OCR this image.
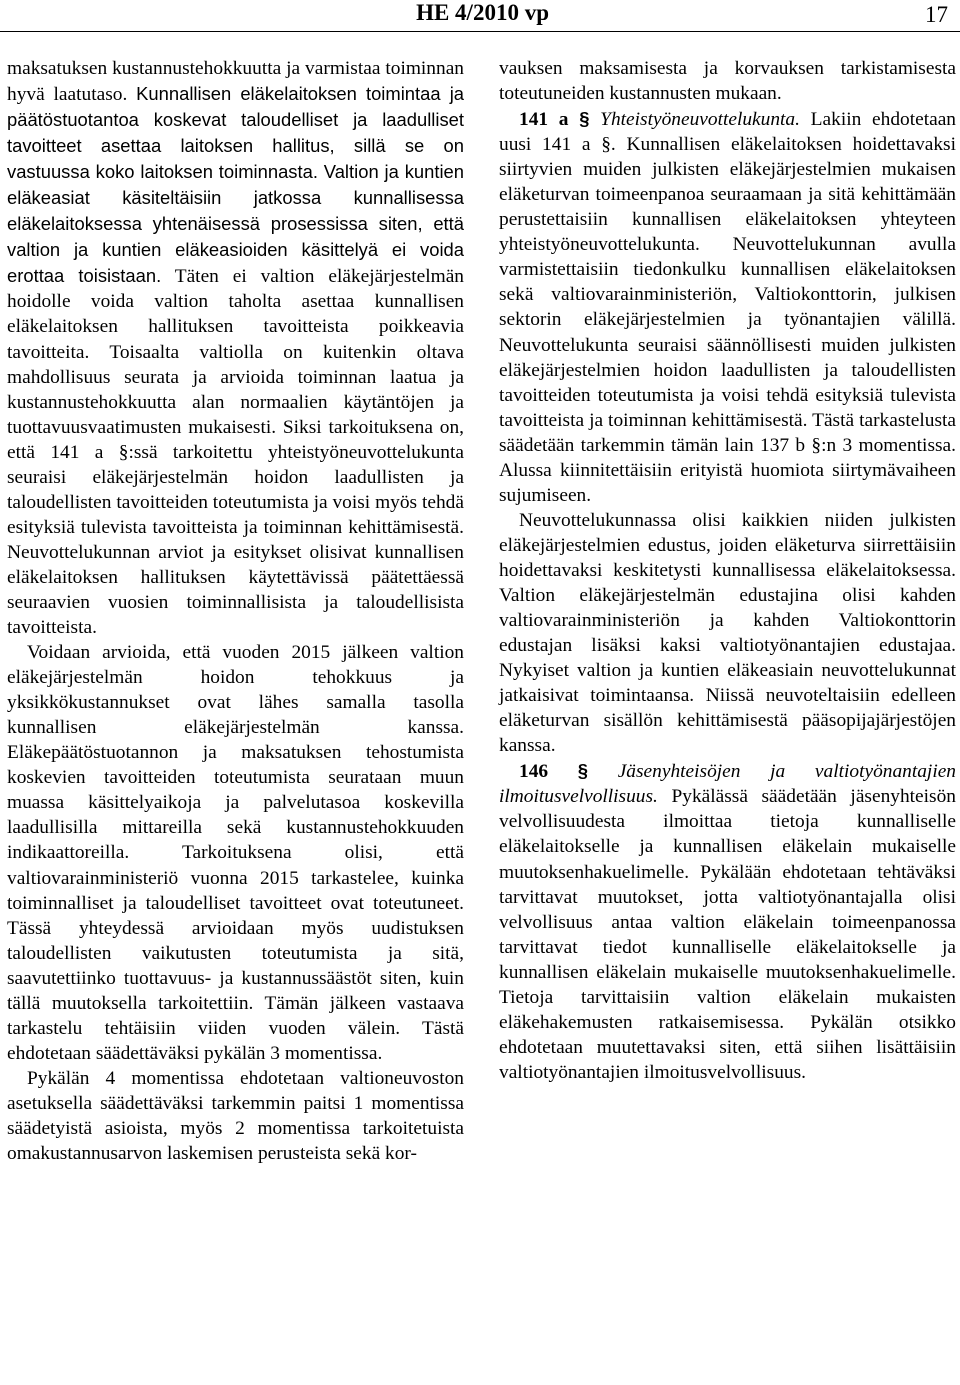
HE 4/2010 vp	17

maksatuksen kustannustehokkuutta ja varmistaa toiminnan hyvä laatutaso. Kunnallisen eläkelaitoksen toimintaa ja päätöstuotantoa koskevat taloudelliset ja laadulliset tavoitteet asettaa laitoksen hallitus, sillä se on vastuussa koko laitoksen toiminnasta. Valtion ja kuntien eläkeasiat käsiteltäisiin jatkossa kunnallisessa eläkelaitoksessa yhtenäisessä prosessissa siten, että valtion ja kuntien eläkeasioiden käsittelyä ei voida erottaa toisistaan. Täten ei valtion eläkejärjestelmän hoidolle voida valtion taholta asettaa kunnallisen eläkelaitoksen hallituksen tavoitteista poikkeavia tavoitteita. Toisaalta valtiolla on kuitenkin oltava mahdollisuus seurata ja arvioida toiminnan laatua ja kustannustehokkuutta alan normaalien käytäntöjen ja tuottavuusvaatimusten mukaisesti. Siksi tarkoituksena on, että 141 a §:ssä tarkoitettu yhteistyöneuvottelukunta seuraisi eläkejärjestelmän hoidon laadullisten ja taloudellisten tavoitteiden toteutumista ja voisi myös tehdä esityksiä tulevista tavoitteista ja toiminnan kehittämisestä. Neuvottelukunnan arviot ja esitykset olisivat kunnallisen eläkelaitoksen hallituksen käytettävissä päätettäessä seuraavien vuosien toiminnallisista ja taloudellisista tavoitteista.

Voidaan arvioida, että vuoden 2015 jälkeen valtion eläkejärjestelmän hoidon tehokkuus ja yksikkökustannukset ovat lähes samalla tasolla kunnallisen eläkejärjestelmän kanssa. Eläkepäätöstuotannon ja maksatuksen tehostumista koskevien tavoitteiden toteutumista seurataan muun muassa käsittelyaikoja ja palvelutasoa koskevilla laadullisilla mittareilla sekä kustannustehokkuuden indikaattoreilla. Tarkoituksena olisi, että valtiovarainministeriö vuonna 2015 tarkastelee, kuinka toiminnalliset ja taloudelliset tavoitteet ovat toteutuneet. Tässä yhteydessä arvioidaan myös uudistuksen taloudellisten vaikutusten toteutumista ja sitä, saavutettiinko tuottavuus- ja kustannussäästöt siten, kuin tällä muutoksella tarkoitettiin. Tämän jälkeen vastaava tarkastelu tehtäisiin viiden vuoden välein. Tästä ehdotetaan säädettäväksi pykälän 3 momentissa.

Pykälän 4 momentissa ehdotetaan valtioneuvoston asetuksella säädettäväksi tarkemmin paitsi 1 momentissa säädetyistä asioista, myös 2 momentissa tarkoitetuista omakustannusarvon laskemisen perusteista sekä kor-

vauksen maksamisesta ja korvauksen tarkistamisesta toteutuneiden kustannusten mukaan.

141 a § Yhteistyöneuvottelukunta. Lakiin ehdotetaan uusi 141 a §. Kunnallisen eläkelaitoksen hoidettavaksi siirtyvien muiden julkisten eläkejärjestelmien mukaisen eläketurvan toimeenpanoa seuraamaan ja sitä kehittämään perustettaisiin kunnallisen eläkelaitoksen yhteyteen yhteistyöneuvottelukunta. Neuvottelukunnan avulla varmistettaisiin tiedonkulku kunnallisen eläkelaitoksen sekä valtiovarainministeriön, Valtiokonttorin, julkisen sektorin eläkejärjestelmien ja työnantajien välillä. Neuvottelukunta seuraisi säännöllisesti muiden julkisten eläkejärjestelmien hoidon laadullisten ja taloudellisten tavoitteiden toteutumista ja voisi tehdä esityksiä tulevista tavoitteista ja toiminnan kehittämisestä. Tästä tarkastelusta säädetään tarkemmin tämän lain 137 b §:n 3 momentissa. Alussa kiinnitettäisiin erityistä huomiota siirtymävaiheen sujumiseen.

Neuvottelukunnassa olisi kaikkien niiden julkisten eläkejärjestelmien edustus, joiden eläketurva siirrettäisiin hoidettavaksi keskitetysti kunnallisessa eläkelaitoksessa. Valtion eläkejärjestelmän edustajina olisi kahden valtiovarainministeriön ja kahden Valtiokonttorin edustajan lisäksi kaksi valtiotyönantajien edustajaa. Nykyiset valtion ja kuntien eläkeasiain neuvottelukunnat jatkaisivat toimintaansa. Niissä neuvoteltaisiin edelleen eläketurvan sisällön kehittämisestä pääsopijajärjestöjen kanssa.

146 § Jäsenyhteisöjen ja valtiotyönantajien ilmoitusvelvollisuus. Pykälässä säädetään jäsenyhteisön velvollisuudesta ilmoittaa tietoja kunnalliselle eläkelaitokselle ja kunnallisen eläkelain mukaiselle muutoksenhakuelimelle. Pykälään ehdotetaan tehtäväksi tarvittavat muutokset, jotta valtiotyönantajalla olisi velvollisuus antaa valtion eläkelain toimeenpanossa tarvittavat tiedot kunnalliselle eläkelaitokselle ja kunnallisen eläkelain mukaiselle muutoksenhakuelimelle. Tietoja tarvittaisiin valtion eläkelain mukaisten eläkehakemusten ratkaisemisessa. Pykälän otsikko ehdotetaan muutettavaksi siten, että siihen lisättäisiin valtiotyönantajien ilmoitusvelvollisuus.
